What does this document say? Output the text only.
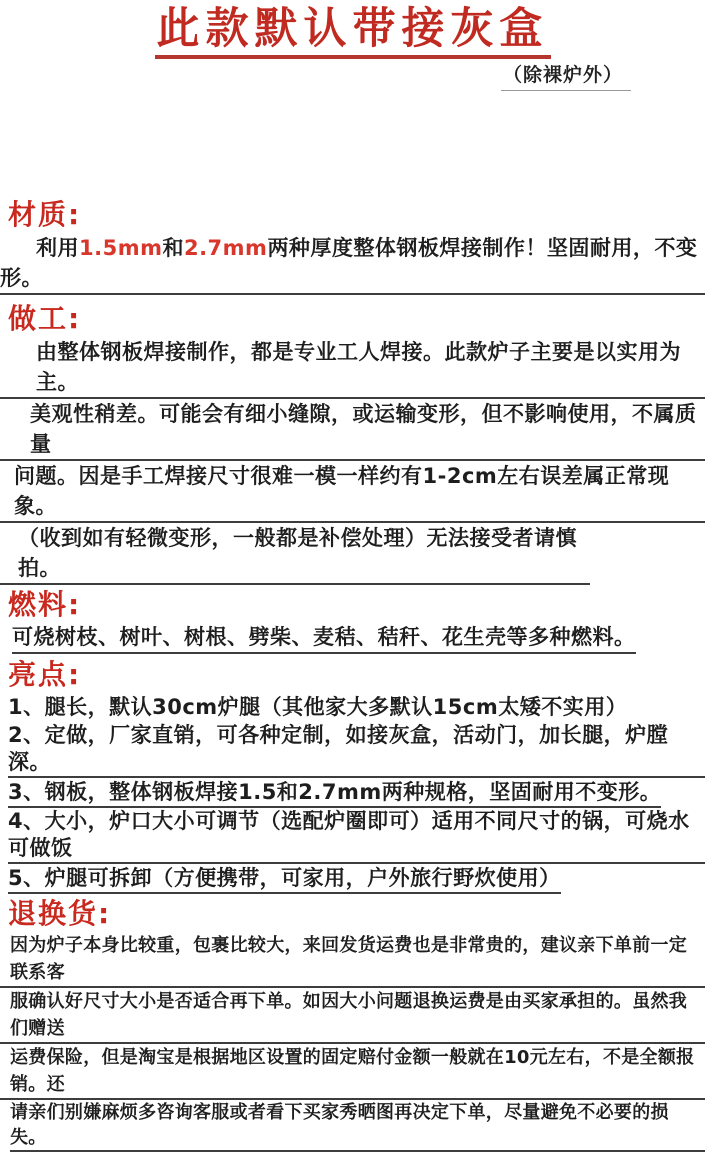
此款默认带接灰盒
（除裸炉外）
材质:
利用1.5mm和2.7mm两种厚度整体钢板焊接制作！坚固耐用，不变形。
做工:
由整体钢板焊接制作，都是专业工人焊接。此款炉子主要是以实用为主。
美观性稍差。可能会有细小缝隙，或运输变形，但不影响使用，不属质量
问题。因是手工焊接尺寸很难一模一样约有1-2cm左右误差属正常现象。
（收到如有轻微变形，一般都是补偿处理）无法接受者请慎拍。
燃料:可烧树枝、树叶、树根、劈柴、麦秸、秸秆、花生壳等多种燃料。
亮点:
1、腿长，默认30cm炉腿（其他家大多默认15cm太矮不实用）
2、定做，厂家直销，可各种定制，如接灰盒，活动门，加长腿，炉膛深。
3、钢板，整体钢板焊接1.5和2.7mm两种规格，坚固耐用不变形。
4、大小，炉口大小可调节（选配炉圈即可）适用不同尺寸的锅，可烧水可做饭
5、炉腿可拆卸（方便携带，可家用，户外旅行野炊使用）
退换货:
因为炉子本身比较重，包裹比较大，来回发货运费也是非常贵的，建议亲下单前一定联系客
服确认好尺寸大小是否适合再下单。如因大小问题退换运费是由买家承担的。虽然我们赠送
运费保险，但是淘宝是根据地区设置的固定赔付金额一般就在10元左右，不是全额报销。还
请亲们别嫌麻烦多咨询客服或者看下买家秀晒图再决定下单，尽量避免不必要的损失。
